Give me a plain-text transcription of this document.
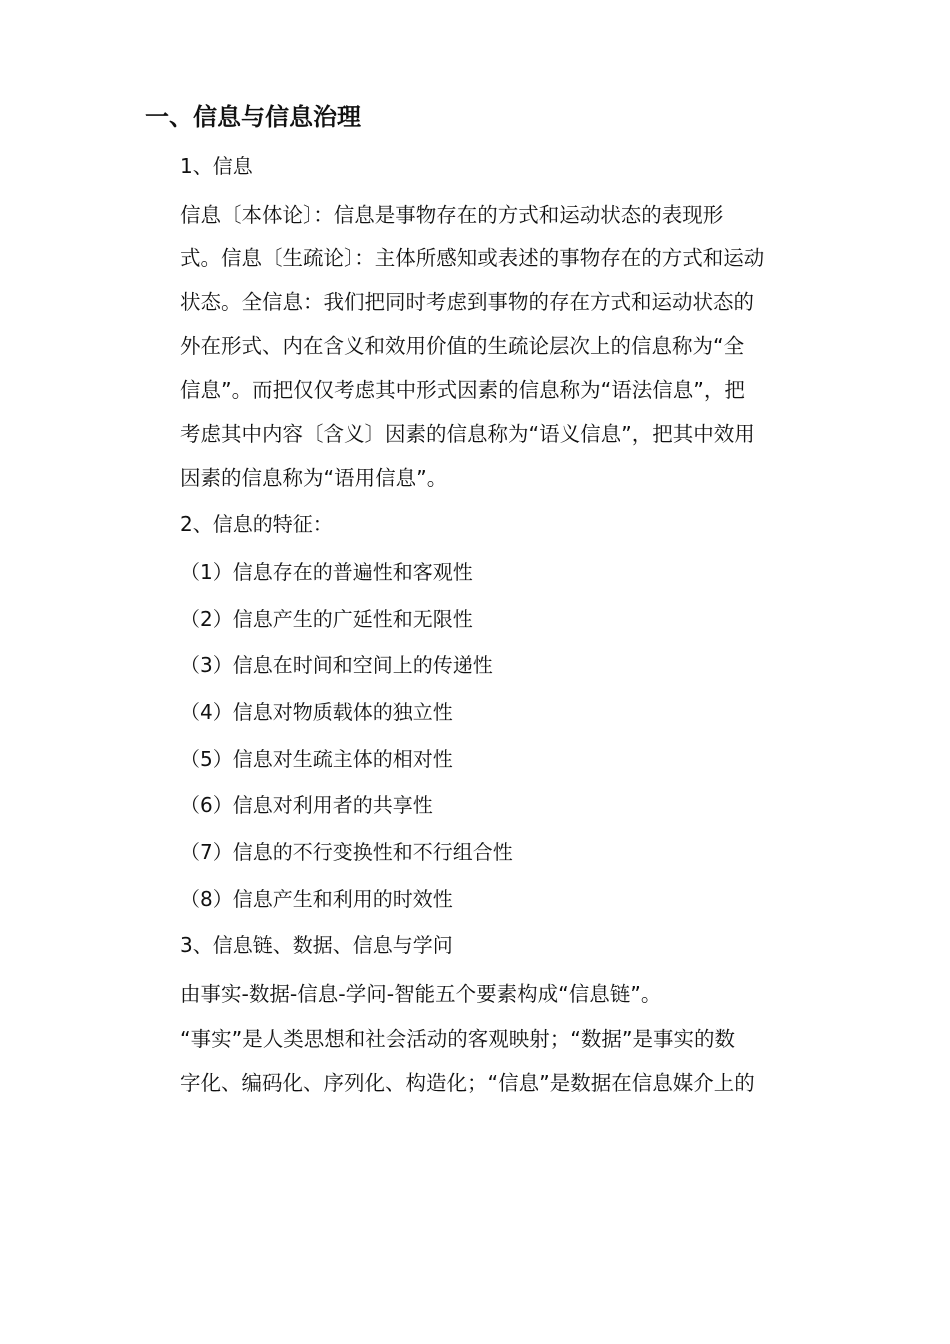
一、信息与信息治理
1、信息
信息〔本体论〕：信息是事物存在的方式和运动状态的表现形
式。信息〔生疏论〕：主体所感知或表述的事物存在的方式和运动
状态。全信息：我们把同时考虑到事物的存在方式和运动状态的
外在形式、内在含义和效用价值的生疏论层次上的信息称为“全
信息”。而把仅仅考虑其中形式因素的信息称为“语法信息”，把
考虑其中内容〔含义〕因素的信息称为“语义信息”，把其中效用
因素的信息称为“语用信息”。
2、信息的特征：
（1）信息存在的普遍性和客观性
（2）信息产生的广延性和无限性
（3）信息在时间和空间上的传递性
（4）信息对物质载体的独立性
（5）信息对生疏主体的相对性
（6）信息对利用者的共享性
（7）信息的不行变换性和不行组合性
（8）信息产生和利用的时效性
3、信息链、数据、信息与学问
由事实-数据-信息-学问-智能五个要素构成“信息链”。
“事实”是人类思想和社会活动的客观映射；“数据”是事实的数
字化、编码化、序列化、构造化；“信息”是数据在信息媒介上的
